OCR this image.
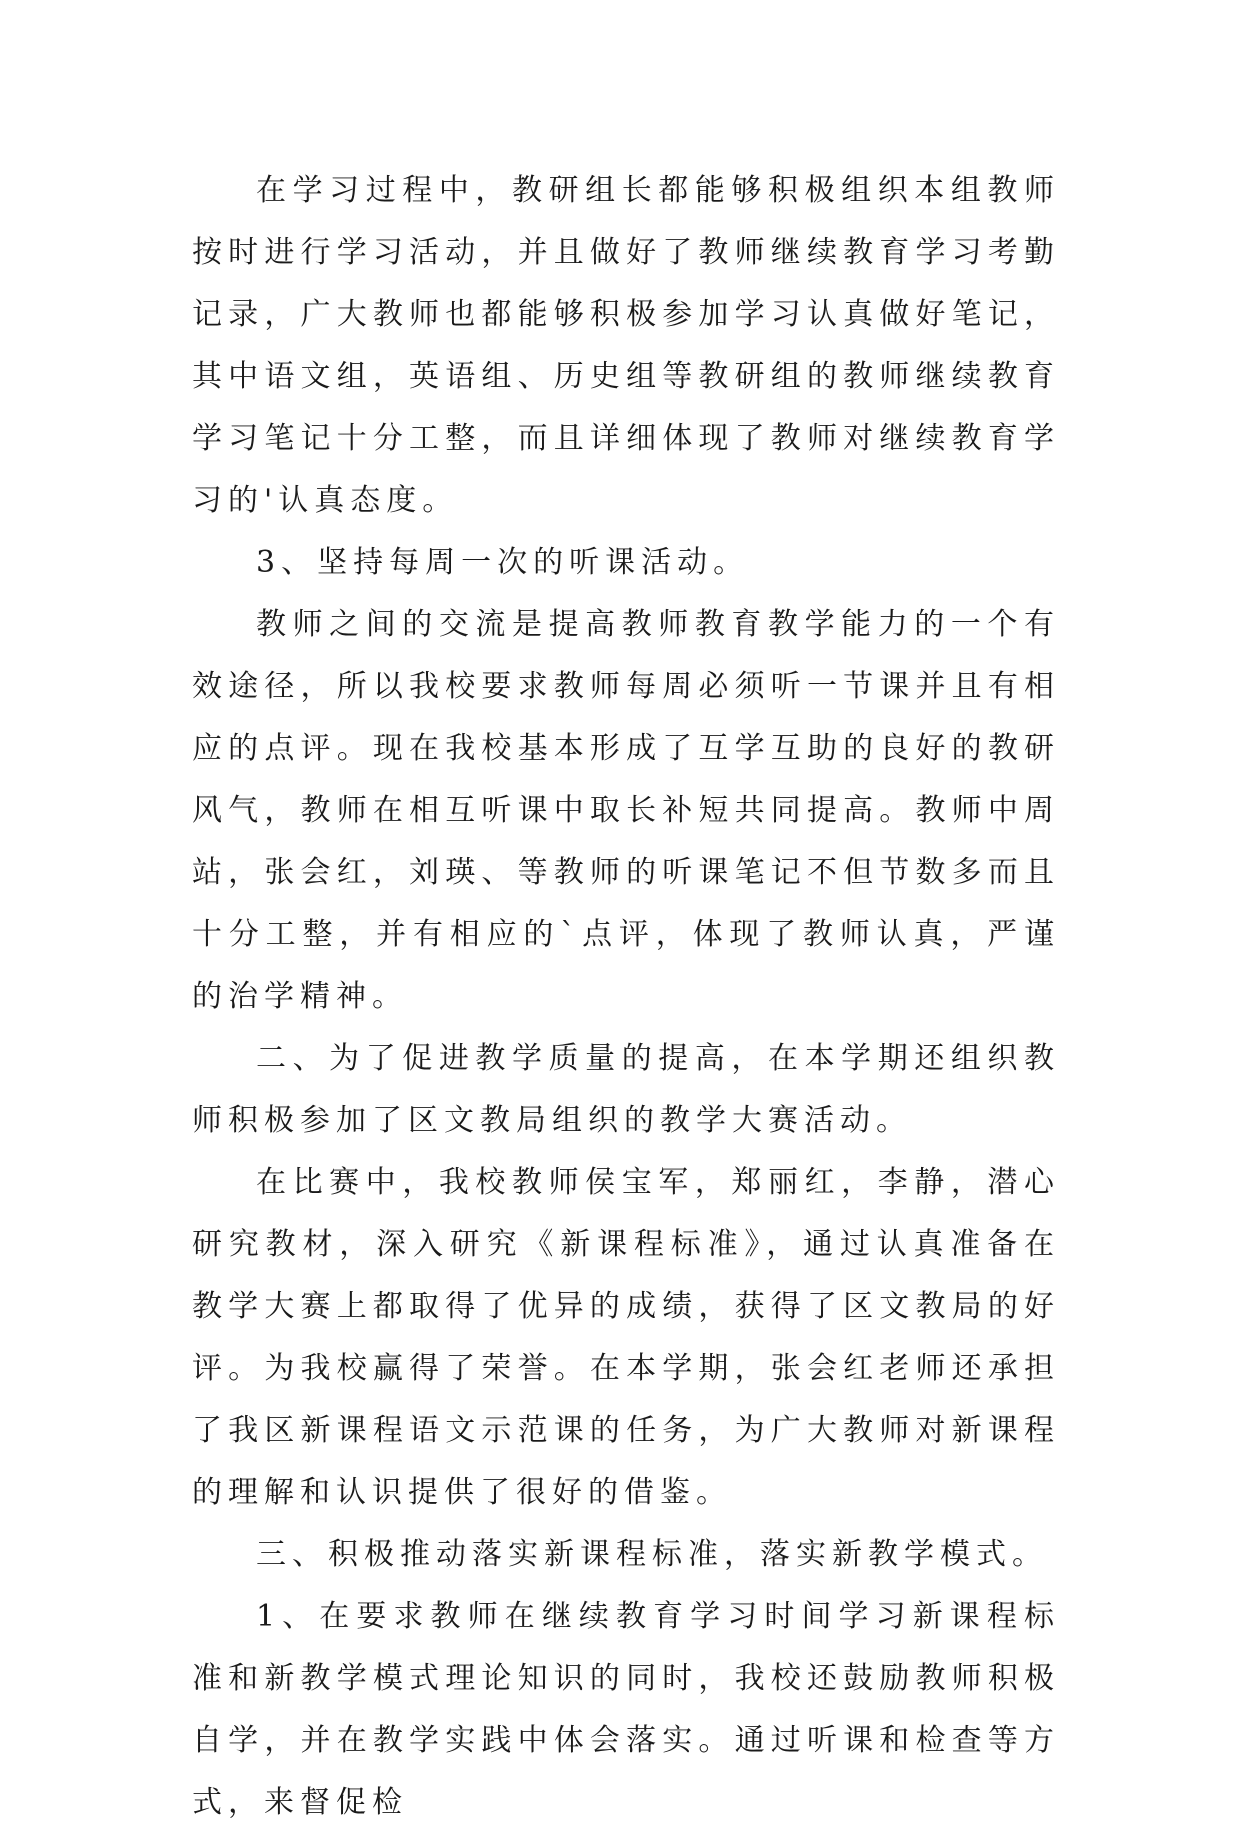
在学习过程中，教研组长都能够积极组织本组教师按时进行学习活动，并且做好了教师继续教育学习考勤记录，广大教师也都能够积极参加学习认真做好笔记，其中语文组，英语组、历史组等教研组的教师继续教育学习笔记十分工整，而且详细体现了教师对继续教育学习的'认真态度。

3、坚持每周一次的听课活动。

教师之间的交流是提高教师教育教学能力的一个有效途径，所以我校要求教师每周必须听一节课并且有相应的点评。现在我校基本形成了互学互助的良好的教研风气，教师在相互听课中取长补短共同提高。教师中周站，张会红，刘瑛、等教师的听课笔记不但节数多而且十分工整，并有相应的`点评，体现了教师认真，严谨的治学精神。

二、为了促进教学质量的提高，在本学期还组织教师积极参加了区文教局组织的教学大赛活动。

在比赛中，我校教师侯宝军，郑丽红，李静，潜心研究教材，深入研究《新课程标准》，通过认真准备在教学大赛上都取得了优异的成绩，获得了区文教局的好评。为我校赢得了荣誉。在本学期，张会红老师还承担了我区新课程语文示范课的任务，为广大教师对新课程的理解和认识提供了很好的借鉴。

三、积极推动落实新课程标准，落实新教学模式。

1、在要求教师在继续教育学习时间学习新课程标准和新教学模式理论知识的同时，我校还鼓励教师积极自学，并在教学实践中体会落实。通过听课和检查等方式，来督促检
